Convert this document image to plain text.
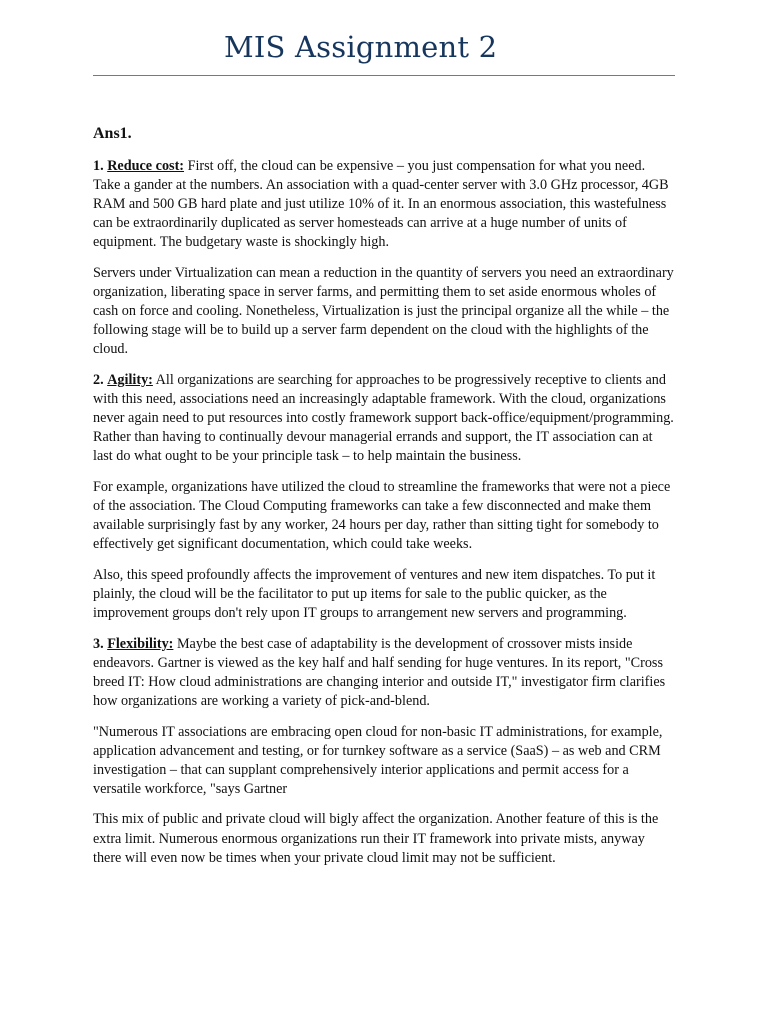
MIS Assignment 2
Ans1.

1. Reduce cost: First off, the cloud can be expensive – you just compensation for what you need. Take a gander at the numbers. An association with a quad-center server with 3.0 GHz processor, 4GB RAM and 500 GB hard plate and just utilize 10% of it. In an enormous association, this wastefulness can be extraordinarily duplicated as server homesteads can arrive at a huge number of units of equipment. The budgetary waste is shockingly high.

Servers under Virtualization can mean a reduction in the quantity of servers you need an extraordinary organization, liberating space in server farms, and permitting them to set aside enormous wholes of cash on force and cooling. Nonetheless, Virtualization is just the principal organize all the while – the following stage will be to build up a server farm dependent on the cloud with the highlights of the cloud.

2. Agility: All organizations are searching for approaches to be progressively receptive to clients and with this need, associations need an increasingly adaptable framework. With the cloud, organizations never again need to put resources into costly framework support back-office/equipment/programming. Rather than having to continually devour managerial errands and support, the IT association can at last do what ought to be your principle task – to help maintain the business.

For example, organizations have utilized the cloud to streamline the frameworks that were not a piece of the association. The Cloud Computing frameworks can take a few disconnected and make them available surprisingly fast by any worker, 24 hours per day, rather than sitting tight for somebody to effectively get significant documentation, which could take weeks.

Also, this speed profoundly affects the improvement of ventures and new item dispatches. To put it plainly, the cloud will be the facilitator to put up items for sale to the public quicker, as the improvement groups don't rely upon IT groups to arrangement new servers and programming.

3. Flexibility: Maybe the best case of adaptability is the development of crossover mists inside endeavors. Gartner is viewed as the key half and half sending for huge ventures. In its report, "Cross breed IT: How cloud administrations are changing interior and outside IT," investigator firm clarifies how organizations are working a variety of pick-and-blend.

"Numerous IT associations are embracing open cloud for non-basic IT administrations, for example, application advancement and testing, or for turnkey software as a service (SaaS) – as web and CRM investigation – that can supplant comprehensively interior applications and permit access for a versatile workforce, "says Gartner

This mix of public and private cloud will bigly affect the organization. Another feature of this is the extra limit. Numerous enormous organizations run their IT framework into private mists, anyway there will even now be times when your private cloud limit may not be sufficient.
